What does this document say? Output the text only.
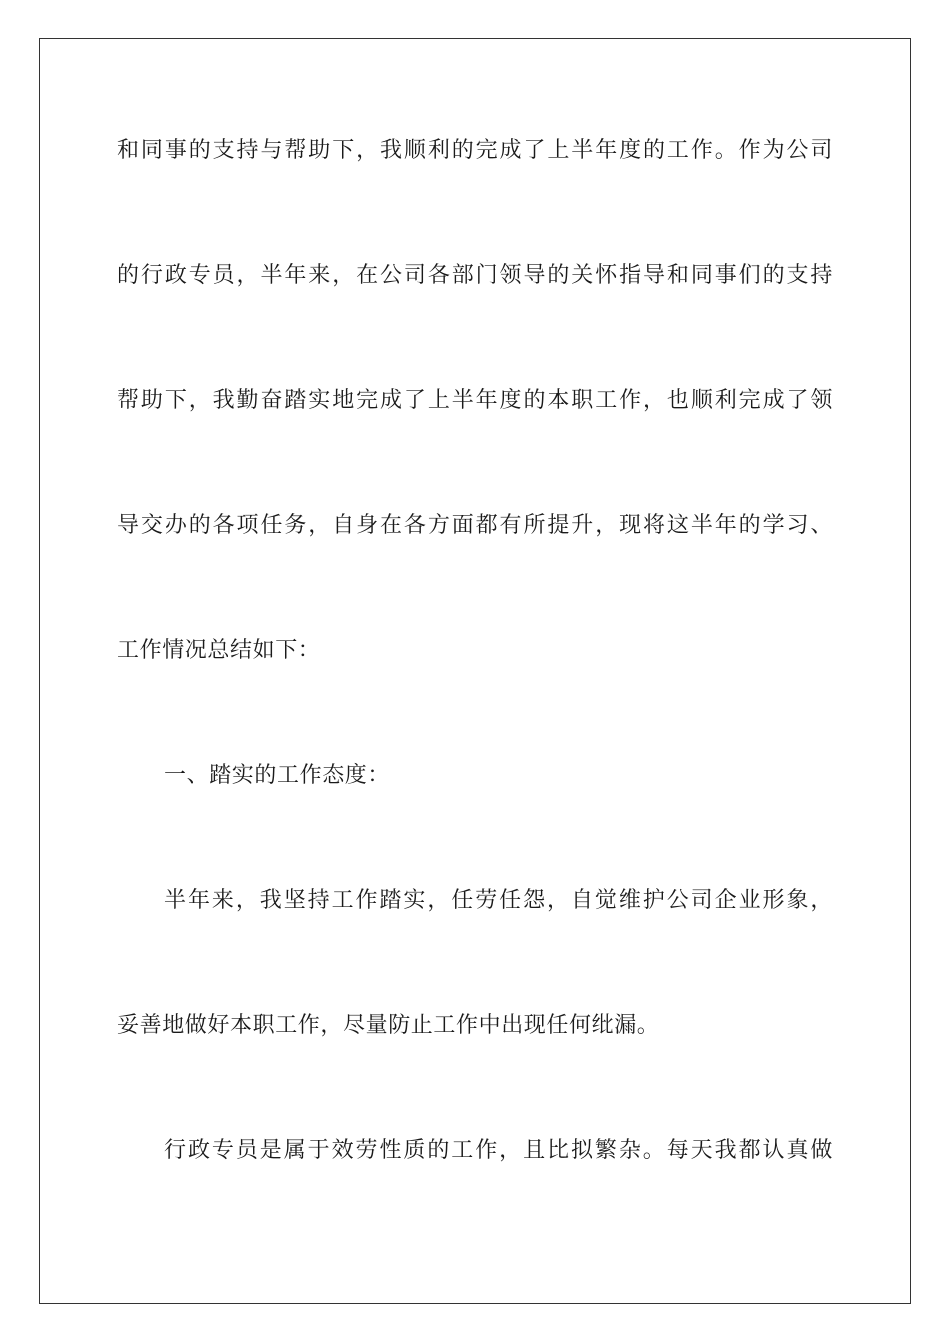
和同事的支持与帮助下，我顺利的完成了上半年度的工作。作为公司
的行政专员，半年来，在公司各部门领导的关怀指导和同事们的支持
帮助下，我勤奋踏实地完成了上半年度的本职工作，也顺利完成了领
导交办的各项任务，自身在各方面都有所提升，现将这半年的学习、
工作情况总结如下：
一、踏实的工作态度：
半年来，我坚持工作踏实，任劳任怨，自觉维护公司企业形象，
妥善地做好本职工作，尽量防止工作中出现任何纰漏。
行政专员是属于效劳性质的工作，且比拟繁杂。每天我都认真做
